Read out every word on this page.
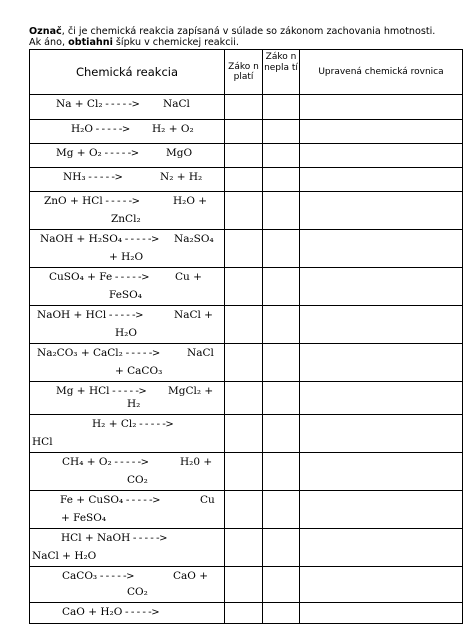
Označ, či je chemická reakcia zapísaná v súlade so zákonom zachovania hmotnosti.
Ak áno, obtiahni šípku v chemickej reakcii.
Chemická reakcia	Záko n platí	Záko n nepla tí	Upravená chemická rovnica

Na + Cl₂ - - - - -> NaCl			

H₂O - - - - -> H₂ + O₂			

Mg + O₂ - - - - -> MgO			

NH₃ - - - - -> N₂ + H₂			

ZnO + HCl - - - - -> H₂O +
ZnCl₂			

NaOH + H₂SO₄ - - - - -> Na₂SO₄
+ H₂O			

CuSO₄ + Fe - - - - -> Cu +
FeSO₄			

NaOH + HCl - - - - -> NaCl +
H₂O			

Na₂CO₃ + CaCl₂ - - - - -> NaCl
+ CaCO₃			

Mg + HCl - - - - -> MgCl₂ +
H₂			

H₂ + Cl₂ - - - - ->
HCl			

CH₄ + O₂ - - - - -> H₂0 +
CO₂			

Fe + CuSO₄ - - - - -> Cu
+ FeSO₄			

HCl + NaOH - - - - ->
NaCl + H₂O			

CaCO₃ - - - - -> CaO +
CO₂			

CaO + H₂O - - - - ->			
